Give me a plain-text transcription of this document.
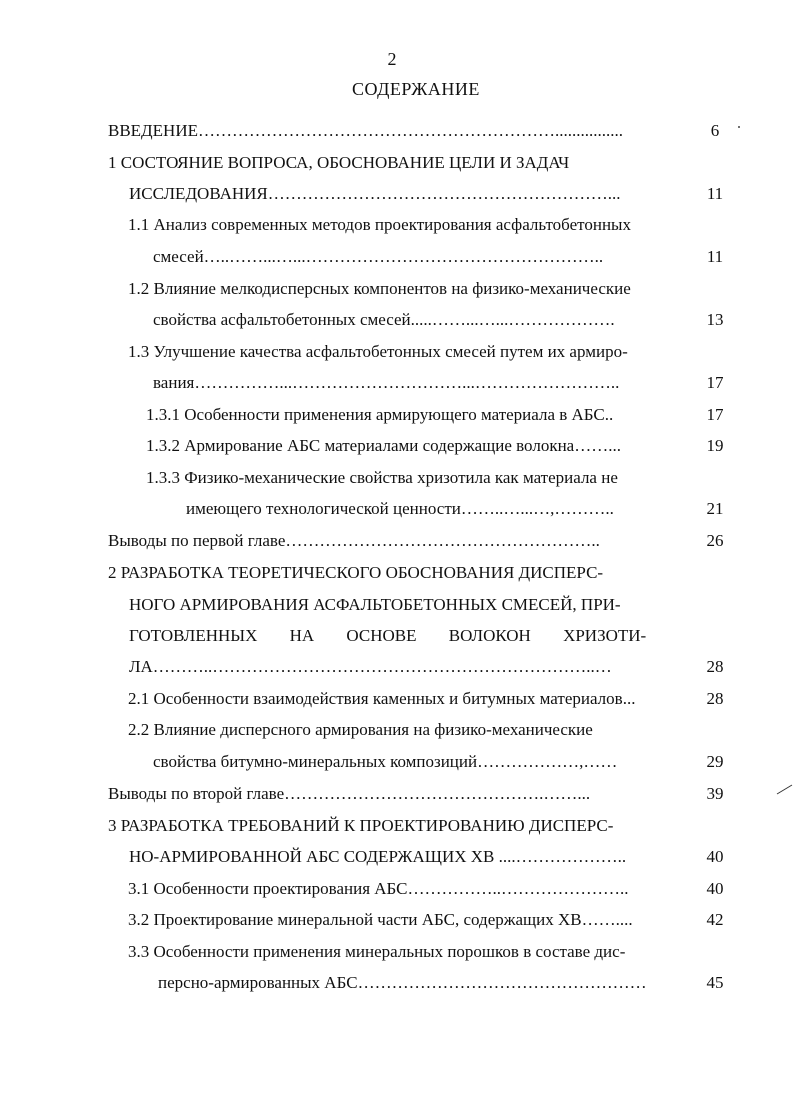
2
СОДЕРЖАНИЕ
ВВЕДЕНИЕ………………………………………………………................	6
1 СОСТОЯНИЕ ВОПРОСА, ОБОСНОВАНИЕ ЦЕЛИ И ЗАДАЧ
ИССЛЕДОВАНИЯ……………………………………………………...	11
1.1 Анализ современных методов проектирования асфальтобетонных
смесей…..……...…...……………………………………………..	11
1.2 Влияние мелкодисперсных компонентов на физико-механические
свойства асфальтобетонных смесей.....……...…...……………….	13
1.3 Улучшение качества асфальтобетонных смесей путем их армиро-
вания……………...…………………………...……………………..	17
1.3.1 Особенности применения армирующего материала в АБС..	17
1.3.2 Армирование АБС материалами содержащие волокна……...	19
1.3.3 Физико-механические свойства хризотила как материала не
имеющего технологической ценности……..…...…,………..	21
Выводы по первой главе………………………………………………..	26
2 РАЗРАБОТКА ТЕОРЕТИЧЕСКОГО ОБОСНОВАНИЯ ДИСПЕРС-
НОГО АРМИРОВАНИЯ АСФАЛЬТОБЕТОННЫХ СМЕСЕЙ, ПРИ-
ГОТОВЛЕННЫХ НА ОСНОВЕ ВОЛОКОН ХРИЗОТИ-
ЛА………..…………………………………………………………..…	28
2.1 Особенности взаимодействия каменных и битумных материалов...	28
2.2 Влияние дисперсного армирования на физико-механические
свойства битумно-минеральных композиций………………,……	29
Выводы по второй главе……………………………………….……...	39
3 РАЗРАБОТКА ТРЕБОВАНИЙ К ПРОЕКТИРОВАНИЮ ДИСПЕРС-
НО-АРМИРОВАННОЙ АБС СОДЕРЖАЩИХ ХВ ....………………..	40
3.1 Особенности проектирования АБС……………..…………………..	40
3.2 Проектирование минеральной части АБС, содержащих ХВ……....	42
3.3 Особенности применения минеральных порошков в составе дис-
персно-армированных АБС……………………………………………	45
